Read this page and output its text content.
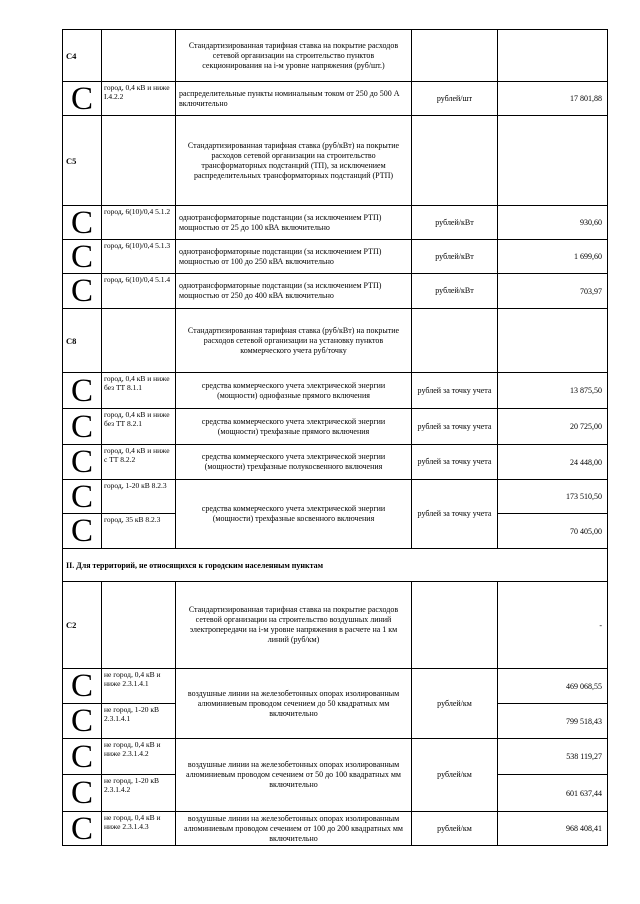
С4		Стандартизированная тарифная ставка на покрытие расходов сетевой организации на строительство пунктов секционирования на i-м уровне напряжения (руб/шт.)		
С	город, 0,4 кВ и ниже I.4.2.2	распределительные пункты номинальным током от 250 до 500 А включительно	рублей/шт	17 801,88
С5		Стандартизированная тарифная ставка (руб/кВт) на покрытие расходов сетевой организации на строительство трансформаторных подстанций (ТП), за исключением распределительных трансформаторных подстанций (РТП)		
С	город, 6(10)/0,4 5.1.2	однотрансформаторные подстанции (за исключением РТП) мощностью от 25 до 100 кВА включительно	рублей/кВт	930,60
С	город, 6(10)/0,4 5.1.3	однотрансформаторные подстанции (за исключением РТП) мощностью от 100 до 250 кВА включительно	рублей/кВт	1 699,60
С	город, 6(10)/0,4 5.1.4	однотрансформаторные подстанции (за исключением РТП) мощностью от 250 до 400 кВА включительно	рублей/кВт	703,97
С8		Стандартизированная тарифная ставка (руб/кВт) на покрытие расходов сетевой организации на установку пунктов коммерческого учета руб/точку		
С	город, 0,4 кВ и ниже без ТТ 8.1.1	средства коммерческого учета электрической энергии (мощности) однофазные прямого включения	рублей за точку учета	13 875,50
С	город, 0,4 кВ и ниже без ТТ 8.2.1	средства коммерческого учета электрической энергии (мощности) трехфазные прямого включения	рублей за точку учета	20 725,00
С	город, 0,4 кВ и ниже с ТТ 8.2.2	средства коммерческого учета электрической энергии (мощности) трехфазные полукосвенного включения	рублей за точку учета	24 448,00
С	город, 1-20 кВ 8.2.3	средства коммерческого учета электрической энергии (мощности) трехфазные косвенного включения	рублей за точку учета	173 510,50
С	город, 35 кВ 8.2.3			70 405,00
II. Для территорий, не относящихся к городским населенным пунктам				
С2		Стандартизированная тарифная ставка на покрытие расходов сетевой организации на строительство воздушных линий электропередачи на i-м уровне напряжения в расчете на 1 км линий (руб/км)		-
С	не город, 0,4 кВ и ниже 2.3.1.4.1	воздушные линии на железобетонных опорах изолированным алюминиевым проводом сечением до 50 квадратных мм включительно	рублей/км	469 068,55
С	не город, 1-20 кВ 2.3.1.4.1			799 518,43
С	не город, 0,4 кВ и ниже 2.3.1.4.2	воздушные линии на железобетонных опорах изолированным алюминиевым проводом сечением от 50 до 100 квадратных мм включительно	рублей/км	538 119,27
С	не город, 1-20 кВ 2.3.1.4.2			601 637,44
С	не город, 0,4 кВ и ниже 2.3.1.4.3	воздушные линии на железобетонных опорах изолированным алюминиевым проводом сечением от 100 до 200 квадратных мм включительно	рублей/км	968 408,41
